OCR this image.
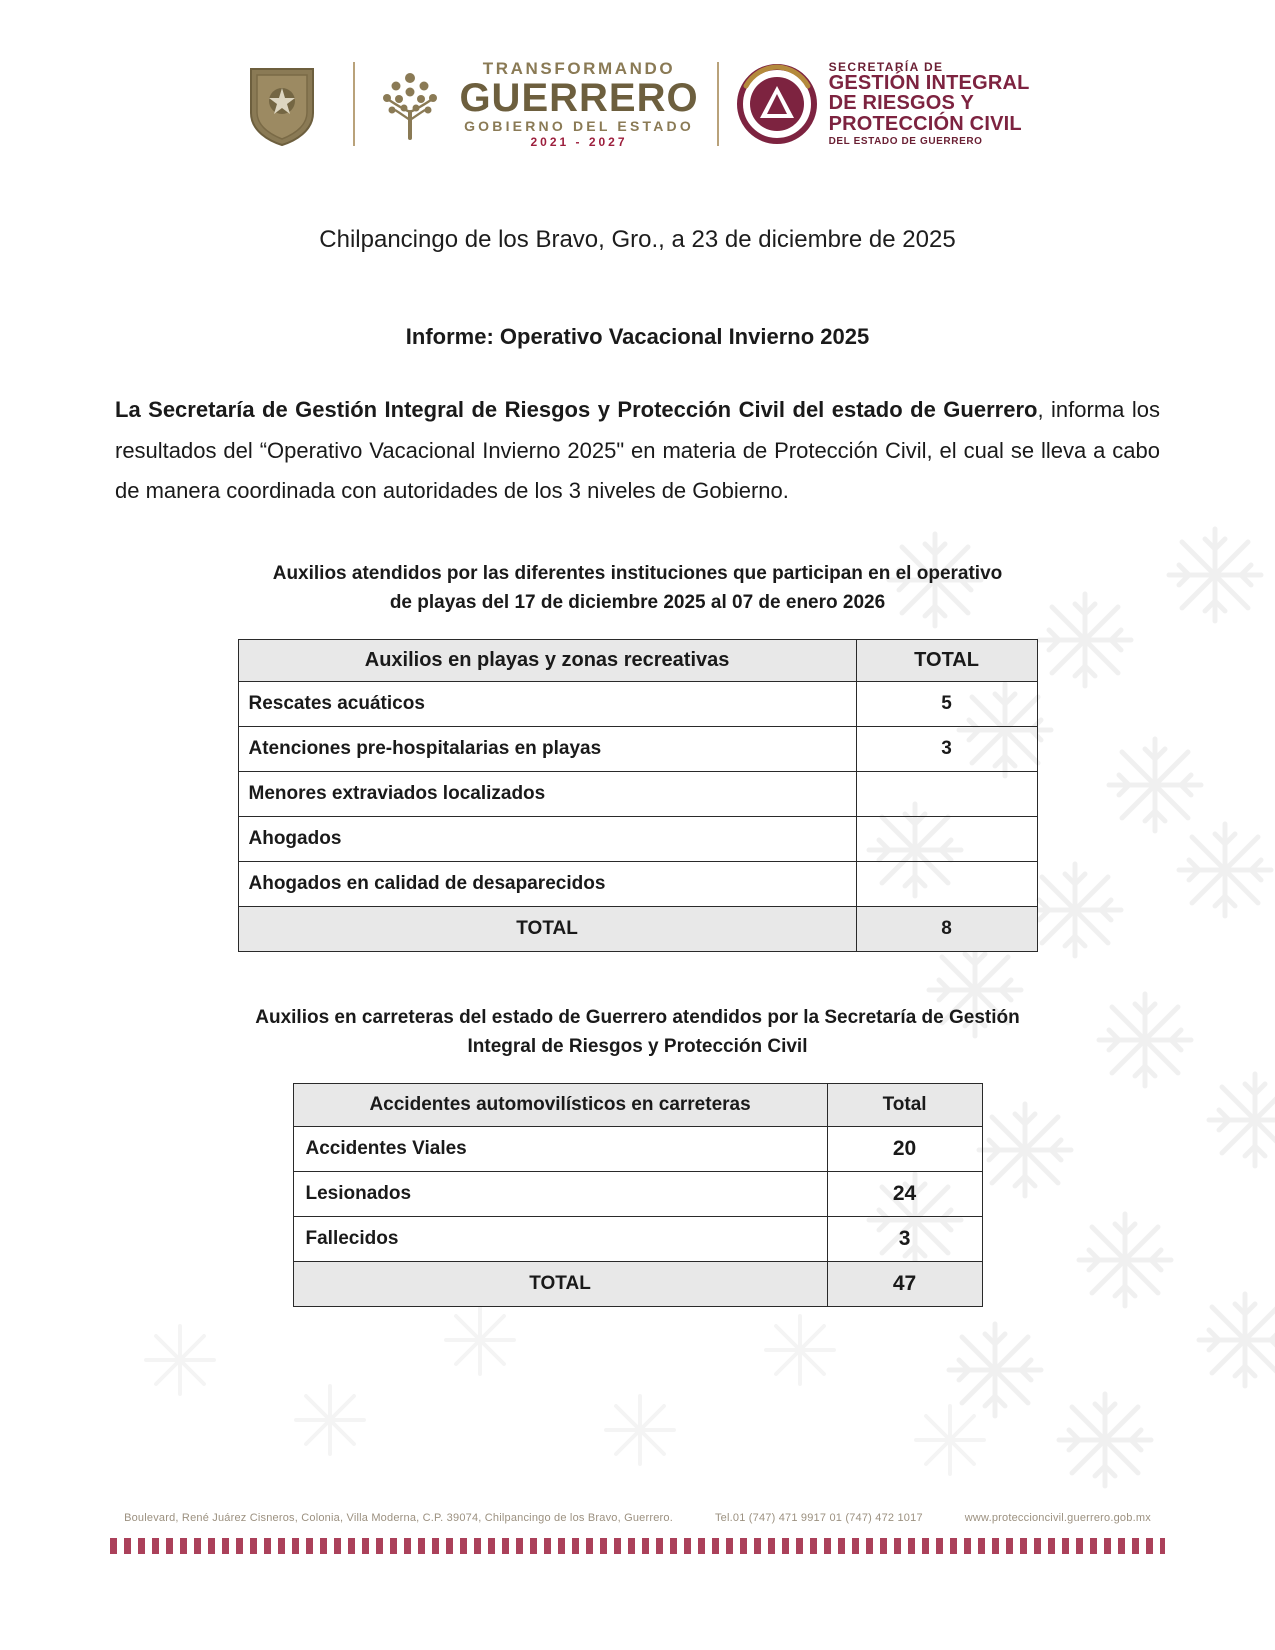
TRANSFORMANDO
GUERRERO
GOBIERNO DEL ESTADO
2021 - 2027
SECRETARÍA DE
GESTIÓN INTEGRAL
DE RIESGOS Y
PROTECCIÓN CIVIL
DEL ESTADO DE GUERRERO
Chilpancingo de los Bravo, Gro., a 23 de diciembre de 2025
Informe: Operativo Vacacional Invierno 2025

La Secretaría de Gestión Integral de Riesgos y Protección Civil del estado de Guerrero, informa los resultados del “Operativo Vacacional Invierno 2025" en materia de Protección Civil, el cual se lleva a cabo de manera coordinada con autoridades de los 3 niveles de Gobierno.

Auxilios atendidos por las diferentes instituciones que participan en el operativo
de playas del 17 de diciembre 2025 al 07 de enero 2026
Auxilios en playas y zonas recreativas	TOTAL
Rescates acuáticos	5
Atenciones pre-hospitalarias en playas	3
Menores extraviados localizados	
Ahogados	
Ahogados en calidad de desaparecidos	
TOTAL	8
Auxilios en carreteras del estado de Guerrero atendidos por la Secretaría de Gestión
Integral de Riesgos y Protección Civil
Accidentes automovilísticos en carreteras	Total
Accidentes Viales	20
Lesionados	24
Fallecidos	3
TOTAL	47
Boulevard, René Juárez Cisneros, Colonia, Villa Moderna, C.P. 39074, Chilpancingo de los Bravo, Guerrero.	Tel.01 (747) 471 9917 01 (747) 472 1017	www.proteccioncivil.guerrero.gob.mx
